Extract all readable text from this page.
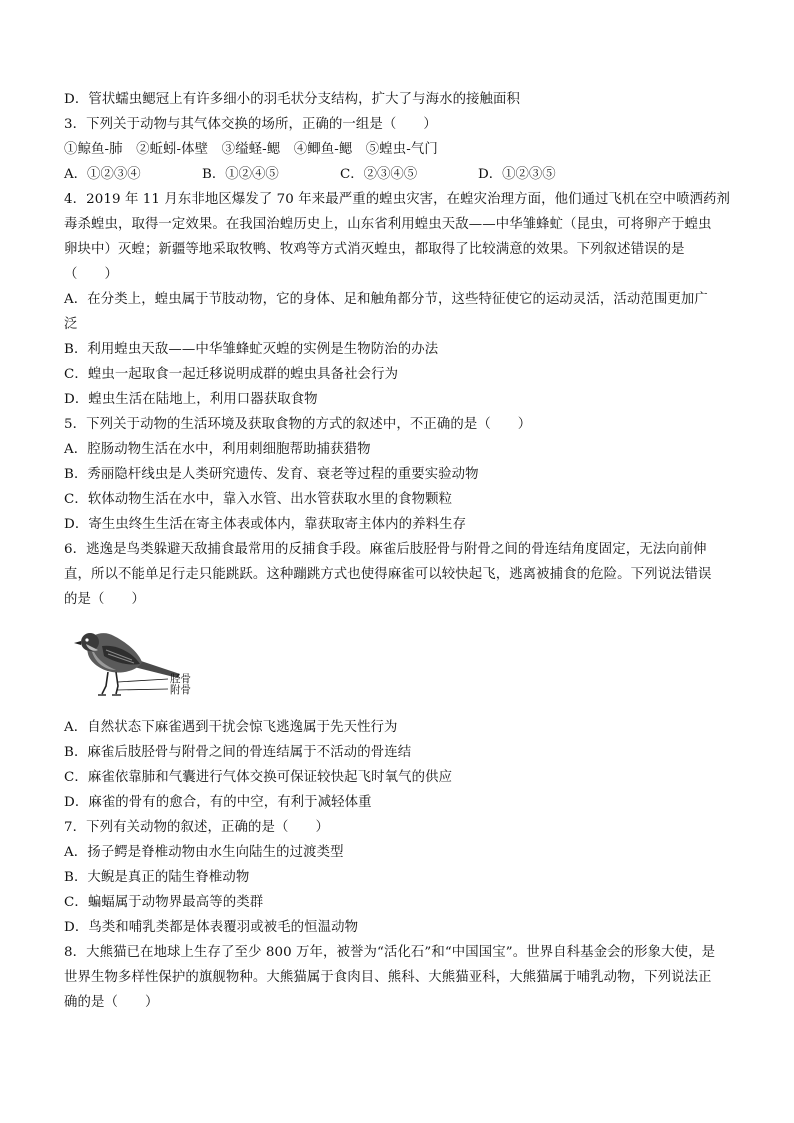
D．管状蠕虫鳃冠上有许多细小的羽毛状分支结构，扩大了与海水的接触面积
3．下列关于动物与其气体交换的场所，正确的一组是（　　）
①鲸鱼-肺　②蚯蚓-体壁　③缢蛏-鳃　④鲫鱼-鳃　⑤蝗虫-气门
A．①②③④	B．①②④⑤	C．②③④⑤	D．①②③⑤
4．2019 年 11 月东非地区爆发了 70 年来最严重的蝗虫灾害，在蝗灾治理方面，他们通过飞机在空中喷洒药剂
毒杀蝗虫，取得一定效果。在我国治蝗历史上，山东省利用蝗虫天敌——中华雏蜂虻（昆虫，可将卵产于蝗虫
卵块中）灭蝗；新疆等地采取牧鸭、牧鸡等方式消灭蝗虫，都取得了比较满意的效果。下列叙述错误的是
（　　）
A．在分类上，蝗虫属于节肢动物，它的身体、足和触角都分节，这些特征使它的运动灵活，活动范围更加广
泛
B．利用蝗虫天敌——中华雏蜂虻灭蝗的实例是生物防治的办法
C．蝗虫一起取食一起迁移说明成群的蝗虫具备社会行为
D．蝗虫生活在陆地上，利用口器获取食物
5．下列关于动物的生活环境及获取食物的方式的叙述中，不正确的是（　　）
A．腔肠动物生活在水中，利用刺细胞帮助捕获猎物
B．秀丽隐杆线虫是人类研究遗传、发育、衰老等过程的重要实验动物
C．软体动物生活在水中，靠入水管、出水管获取水里的食物颗粒
D．寄生虫终生生活在寄主体表或体内，靠获取寄主体内的养料生存
6．逃逸是鸟类躲避天敌捕食最常用的反捕食手段。麻雀后肢胫骨与附骨之间的骨连结角度固定，无法向前伸
直，所以不能单足行走只能跳跃。这种蹦跳方式也使得麻雀可以较快起飞，逃离被捕食的危险。下列说法错误
的是（　　）
胫骨
附骨
A．自然状态下麻雀遇到干扰会惊飞逃逸属于先天性行为
B．麻雀后肢胫骨与附骨之间的骨连结属于不活动的骨连结
C．麻雀依靠肺和气囊进行气体交换可保证较快起飞时氧气的供应
D．麻雀的骨有的愈合，有的中空，有利于减轻体重
7．下列有关动物的叙述，正确的是（　　）
A．扬子鳄是脊椎动物由水生向陆生的过渡类型
B．大鲵是真正的陆生脊椎动物
C．蝙蝠属于动物界最高等的类群
D．鸟类和哺乳类都是体表覆羽或被毛的恒温动物
8．大熊猫已在地球上生存了至少 800 万年，被誉为“活化石”和“中国国宝”。世界自科基金会的形象大使，是
世界生物多样性保护的旗舰物种。大熊猫属于食肉目、熊科、大熊猫亚科，大熊猫属于哺乳动物，下列说法正
确的是（　　）
